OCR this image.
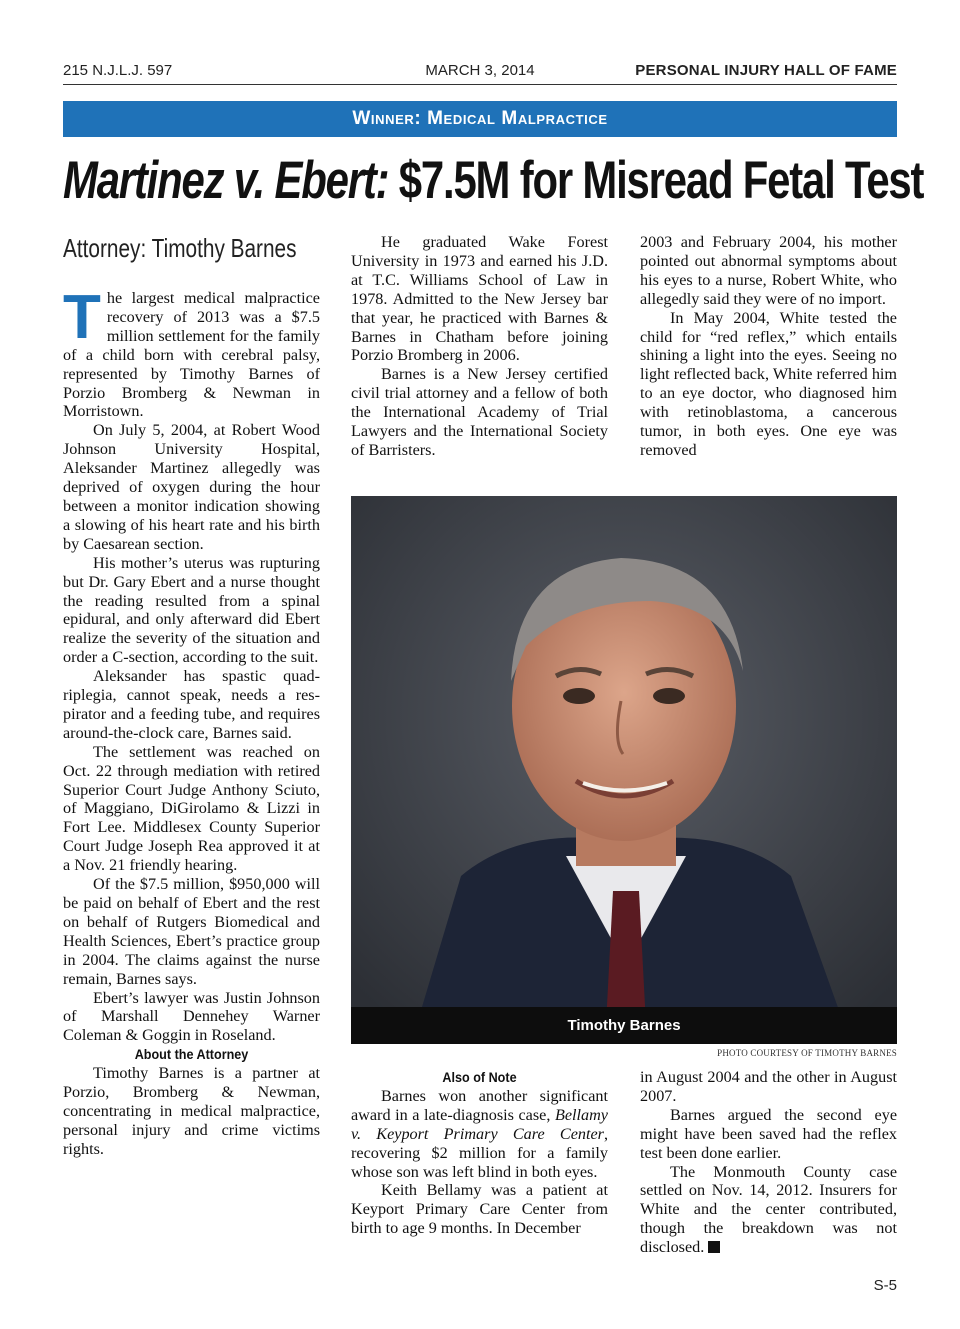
215 N.J.L.J. 597	MARCH 3, 2014	PERSONAL INJURY HALL OF FAME
Winner: Medical Malpractice
Martinez v. Ebert: $7.5M for Misread Fetal Test
Attorney: Timothy Barnes

The largest medical malpractice recovery of 2013 was a $7.5 million settlement for the family of a child born with cerebral palsy, represented by Timothy Barnes of Porzio Bromberg & Newman in Morristown.

On July 5, 2004, at Robert Wood Johnson University Hospital, Aleksander Martinez allegedly was deprived of oxygen during the hour between a monitor indication showing a slowing of his heart rate and his birth by Caesarean section.

His mother’s uterus was rupturing but Dr. Gary Ebert and a nurse thought the reading resulted from a spinal epidural, and only afterward did Ebert realize the severity of the situation and order a C-section, according to the suit.

Aleksander has spastic quadriplegia, cannot speak, needs a respirator and a feeding tube, and requires around-the-clock care, Barnes said.

The settlement was reached on Oct. 22 through mediation with retired Superior Court Judge Anthony Sciuto, of Maggiano, DiGirolamo & Lizzi in Fort Lee. Middlesex County Superior Court Judge Joseph Rea approved it at a Nov. 21 friendly hearing.

Of the $7.5 million, $950,000 will be paid on behalf of Ebert and the rest on behalf of Rutgers Biomedical and Health Sciences, Ebert’s practice group in 2004. The claims against the nurse remain, Barnes says.

Ebert’s lawyer was Justin Johnson of Marshall Dennehey Warner Coleman & Goggin in Roseland.

About the Attorney

Timothy Barnes is a partner at Porzio, Bromberg & Newman, concentrating in medical malpractice, personal injury and crime victims rights.

He graduated Wake Forest University in 1973 and earned his J.D. at T.C. Williams School of Law in 1978. Admitted to the New Jersey bar that year, he practiced with Barnes & Barnes in Chatham before joining Porzio Bromberg in 2006.

Barnes is a New Jersey certified civil trial attorney and a fellow of both the International Academy of Trial Lawyers and the International Society of Barristers.

2003 and February 2004, his mother pointed out abnormal symptoms about his eyes to a nurse, Robert White, who allegedly said they were of no import.

In May 2004, White tested the child for “red reflex,” which entails shining a light into the eyes. Seeing no light reflected back, White referred him to an eye doctor, who diagnosed him with retinoblastoma, a cancerous tumor, in both eyes. One eye was removed

Timothy Barnes
PHOTO COURTESY OF TIMOTHY BARNES

Also of Note

Barnes won another significant award in a late-diagnosis case, Bellamy v. Keyport Primary Care Center, recovering $2 million for a family whose son was left blind in both eyes.

Keith Bellamy was a patient at Keyport Primary Care Center from birth to age 9 months. In December

in August 2004 and the other in August 2007.

Barnes argued the second eye might have been saved had the reflex test been done earlier.

The Monmouth County case settled on Nov. 14, 2012. Insurers for White and the center contributed, though the breakdown was not disclosed.

S-5
